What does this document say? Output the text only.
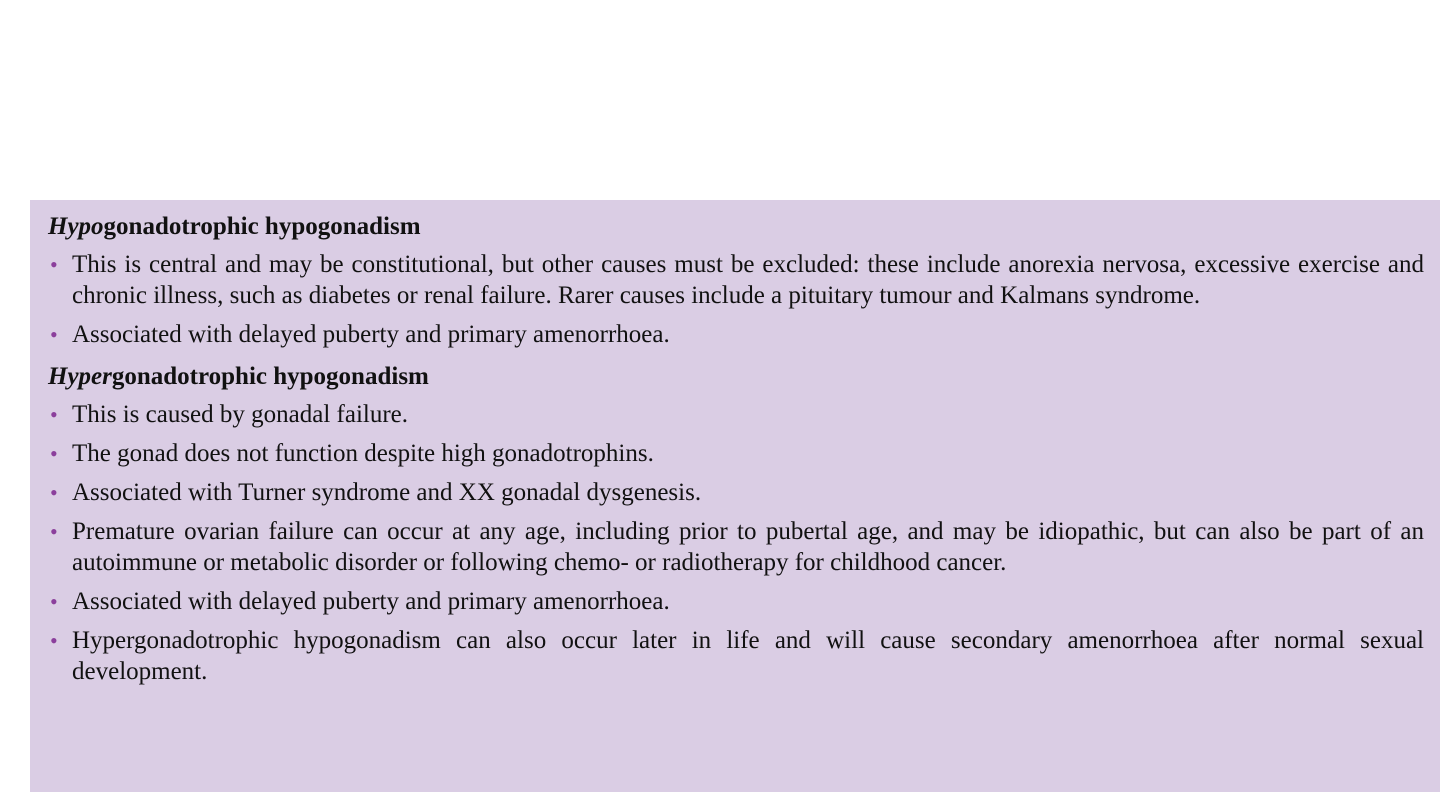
Hypogonadotrophic hypogonadism
• This is central and may be constitutional, but other causes must be excluded: these include anorexia nervosa, excessive exercise and chronic illness, such as diabetes or renal failure. Rarer causes include a pituitary tumour and Kalmans syndrome.
• Associated with delayed puberty and primary amenorrhoea.
Hypergonadotrophic hypogonadism
• This is caused by gonadal failure.
• The gonad does not function despite high gonadotrophins.
• Associated with Turner syndrome and XX gonadal dysgenesis.
• Premature ovarian failure can occur at any age, including prior to pubertal age, and may be idiopathic, but can also be part of an autoimmune or metabolic disorder or following chemo- or radiotherapy for childhood cancer.
• Associated with delayed puberty and primary amenorrhoea.
• Hypergonadotrophic hypogonadism can also occur later in life and will cause secondary amenorrhoea after normal sexual development.
